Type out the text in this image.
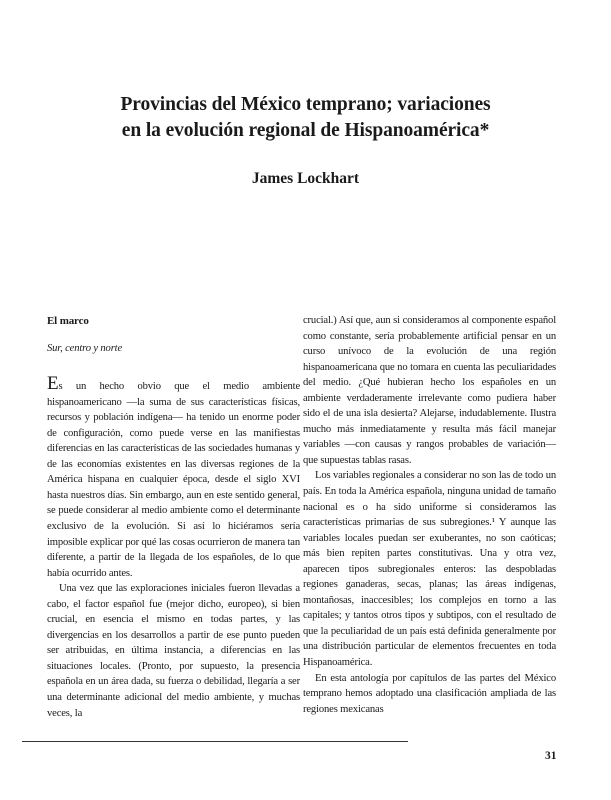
Provincias del México temprano; variaciones
en la evolución regional de Hispanoamérica*
James Lockhart

El marco

Sur, centro y norte

Es un hecho obvio que el medio ambiente hispanoamericano —la suma de sus características físicas, recursos y población indígena— ha tenido un enorme poder de configuración, como puede verse en las manifiestas diferencias en las características de las sociedades humanas y de las economías existentes en las diversas regiones de la América hispana en cualquier época, desde el siglo XVI hasta nuestros días. Sin embargo, aun en este sentido general, se puede considerar al medio ambiente como el determinante exclusivo de la evolución. Si así lo hiciéramos sería imposible explicar por qué las cosas ocurrieron de manera tan diferente, a partir de la llegada de los españoles, de lo que había ocurrido antes.

Una vez que las exploraciones iniciales fueron llevadas a cabo, el factor español fue (mejor dicho, europeo), si bien crucial, en esencia el mismo en todas partes, y las divergencias en los desarrollos a partir de ese punto pueden ser atribuidas, en última instancia, a diferencias en las situaciones locales. (Pronto, por supuesto, la presencia española en un área dada, su fuerza o debilidad, llegaría a ser una determinante adicional del medio ambiente, y muchas veces, la

crucial.) Así que, aun si consideramos al componente español como constante, sería probablemente artificial pensar en un curso unívoco de la evolución de una región hispanoamericana que no tomara en cuenta las peculiaridades del medio. ¿Qué hubieran hecho los españoles en un ambiente verdaderamente irrelevante como pudiera haber sido el de una isla desierta? Alejarse, indudablemente. Ilustra mucho más inmediatamente y resulta más fácil manejar variables —con causas y rangos probables de variación— que supuestas tablas rasas.

Los variables regionales a considerar no son las de todo un país. En toda la América española, ninguna unidad de tamaño nacional es o ha sido uniforme si consideramos las características primarias de sus subregiones.¹ Y aunque las variables locales puedan ser exuberantes, no son caóticas; más bien repiten partes constitutivas. Una y otra vez, aparecen tipos subregionales enteros: las despobladas regiones ganaderas, secas, planas; las áreas indígenas, montañosas, inaccesibles; los complejos en torno a las capitales; y tantos otros tipos y subtipos, con el resultado de que la peculiaridad de un país está definida generalmente por una distribución particular de elementos frecuentes en toda Hispanoamérica.

En esta antología por capítulos de las partes del México temprano hemos adoptado una clasificación ampliada de las regiones mexicanas

31
